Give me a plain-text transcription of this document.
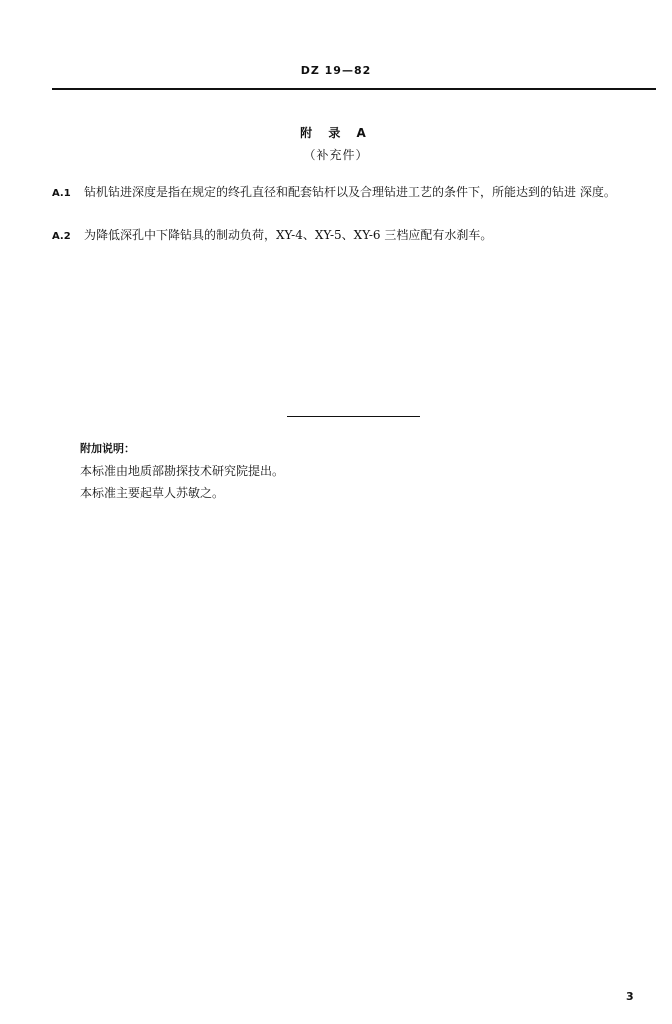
DZ 19—82
附 录 A
（补充件）
A.1 钻机钻进深度是指在规定的终孔直径和配套钻杆以及合理钻进工艺的条件下，所能达到的钻进 深度。
A.2 为降低深孔中下降钻具的制动负荷，XY-4、XY-5、XY-6 三档应配有水刹车。
附加说明：
本标准由地质部勘探技术研究院提出。
本标准主要起草人苏敏之。
3
